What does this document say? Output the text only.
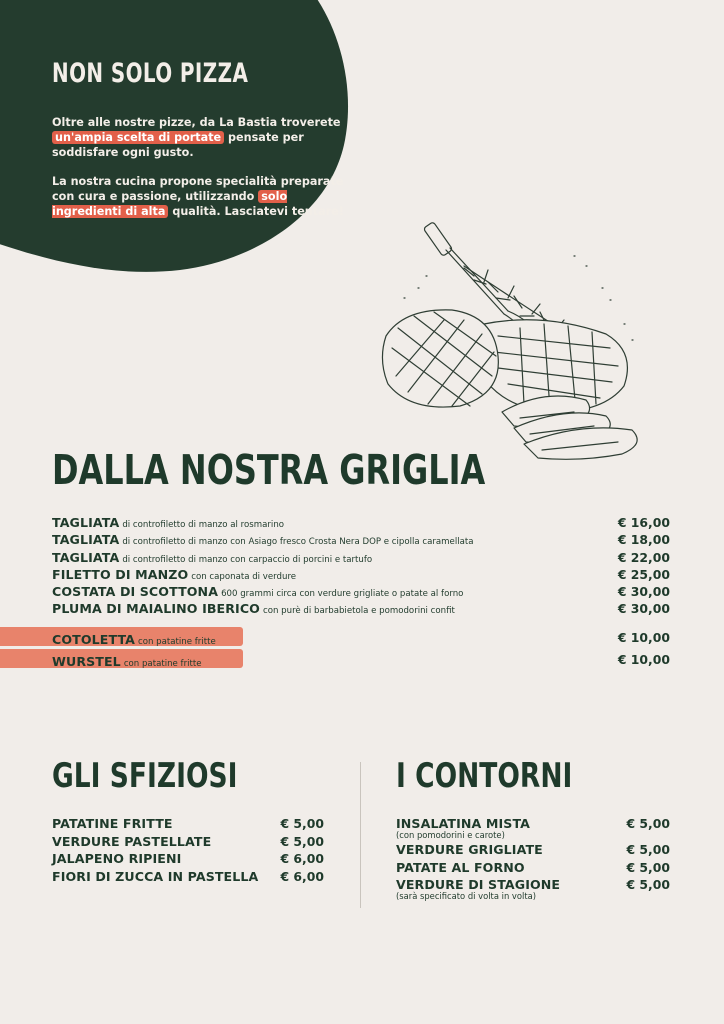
NON SOLO PIZZA

Oltre alle nostre pizze, da La Bastia troverete un'ampia scelta di portate pensate per soddisfare ogni gusto.

La nostra cucina propone specialità preparate con cura e passione, utilizzando solo ingredienti di alta qualità. Lasciatevi tentare!

DALLA NOSTRA GRIGLIA
TAGLIATA di controfiletto di manzo al rosmarino	€ 16,00
TAGLIATA di controfiletto di manzo con Asiago fresco Crosta Nera DOP e cipolla caramellata	€ 18,00
TAGLIATA di controfiletto di manzo con carpaccio di porcini e tartufo	€ 22,00
FILETTO DI MANZO con caponata di verdure	€ 25,00
COSTATA DI SCOTTONA 600 grammi circa con verdure grigliate o patate al forno	€ 30,00
PLUMA DI MAIALINO IBERICO con purè di barbabietola e pomodorini confit	€ 30,00
COTOLETTA con patatine fritte	€ 10,00
WURSTEL con patatine fritte	€ 10,00
GLI SFIZIOSI
PATATINE FRITTE	€ 5,00
VERDURE PASTELLATE	€ 5,00
JALAPENO RIPIENI	€ 6,00
FIORI DI ZUCCA IN PASTELLA € 6,00
I CONTORNI
INSALATINA MISTA	€ 5,00
(con pomodorini e carote)
VERDURE GRIGLIATE	€ 5,00
PATATE AL FORNO	€ 5,00
VERDURE DI STAGIONE	€ 5,00
(sarà specificato di volta in volta)
